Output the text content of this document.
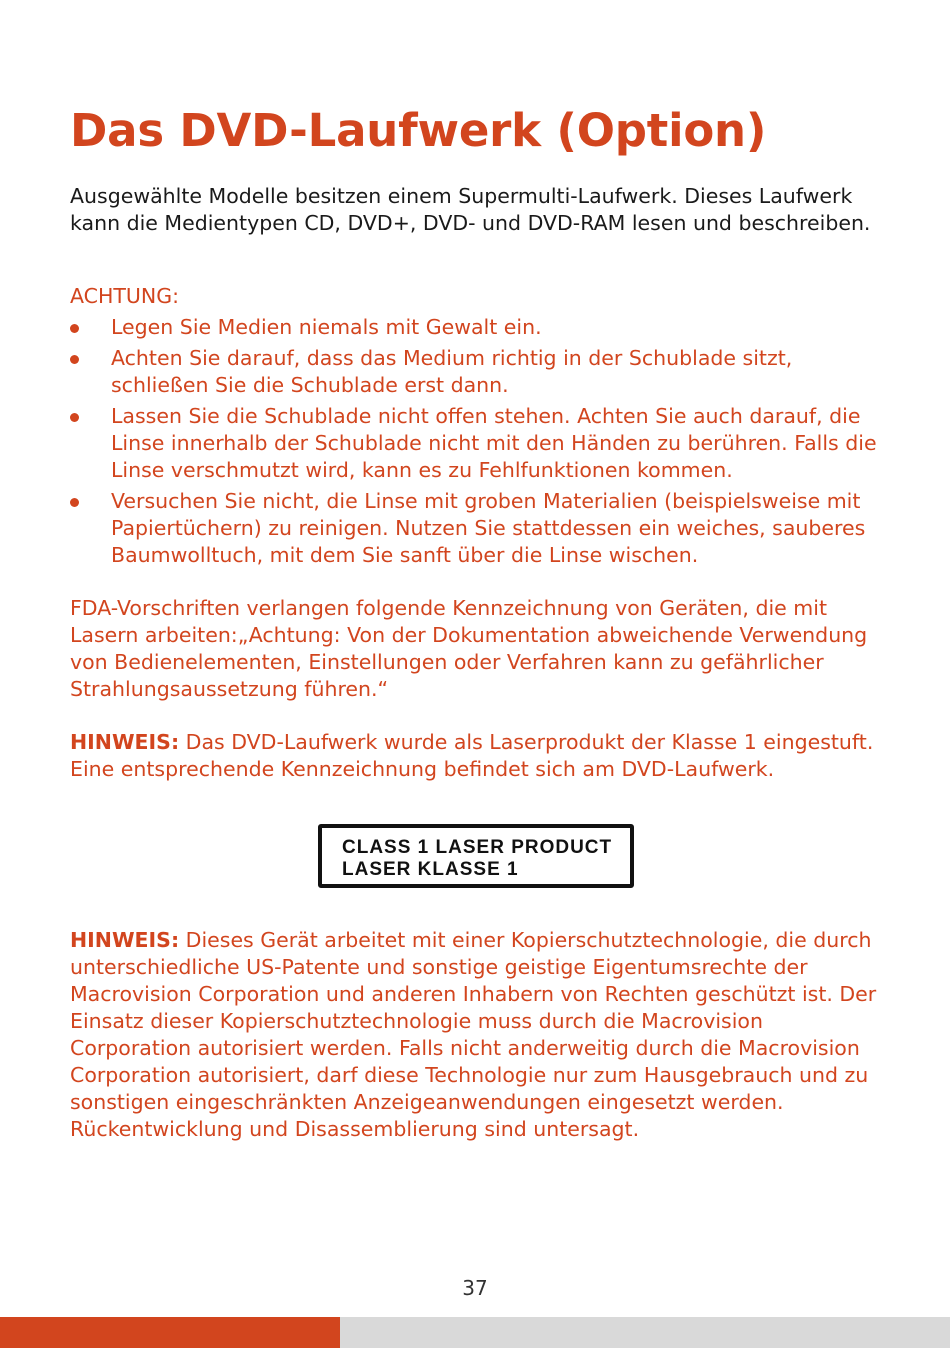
Das DVD-Laufwerk (Option)

Ausgewählte Modelle besitzen einem Supermulti-Laufwerk. Dieses Laufwerk kann die Medientypen CD, DVD+, DVD- und DVD-RAM lesen und beschreiben.

ACHTUNG:

Legen Sie Medien niemals mit Gewalt ein.
Achten Sie darauf, dass das Medium richtig in der Schublade sitzt, schließen Sie die Schublade erst dann.
Lassen Sie die Schublade nicht offen stehen. Achten Sie auch darauf, die Linse innerhalb der Schublade nicht mit den Händen zu berühren. Falls die Linse verschmutzt wird, kann es zu Fehlfunktionen kommen.
Versuchen Sie nicht, die Linse mit groben Materialien (beispielsweise mit Papiertüchern) zu reinigen. Nutzen Sie stattdessen ein weiches, sauberes Baumwolltuch, mit dem Sie sanft über die Linse wischen.

FDA-Vorschriften verlangen folgende Kennzeichnung von Geräten, die mit Lasern arbeiten:„Achtung: Von der Dokumentation abweichende Verwendung von Bedienelementen, Einstellungen oder Verfahren kann zu gefährlicher Strahlungsaussetzung führen.“

HINWEIS: Das DVD-Laufwerk wurde als Laserprodukt der Klasse 1 eingestuft. Eine entsprechende Kennzeichnung befindet sich am DVD-Laufwerk.

CLASS 1 LASER PRODUCT
LASER KLASSE 1

HINWEIS: Dieses Gerät arbeitet mit einer Kopierschutztechnologie, die durch unterschiedliche US-Patente und sonstige geistige Eigentumsrechte der Macrovision Corporation und anderen Inhabern von Rechten geschützt ist. Der Einsatz dieser Kopierschutztechnologie muss durch die Macrovision Corporation autorisiert werden. Falls nicht anderweitig durch die Macrovision Corporation autorisiert, darf diese Technologie nur zum Hausgebrauch und zu sonstigen eingeschränkten Anzeigeanwendungen eingesetzt werden. Rückentwicklung und Disassemblierung sind untersagt.

37
